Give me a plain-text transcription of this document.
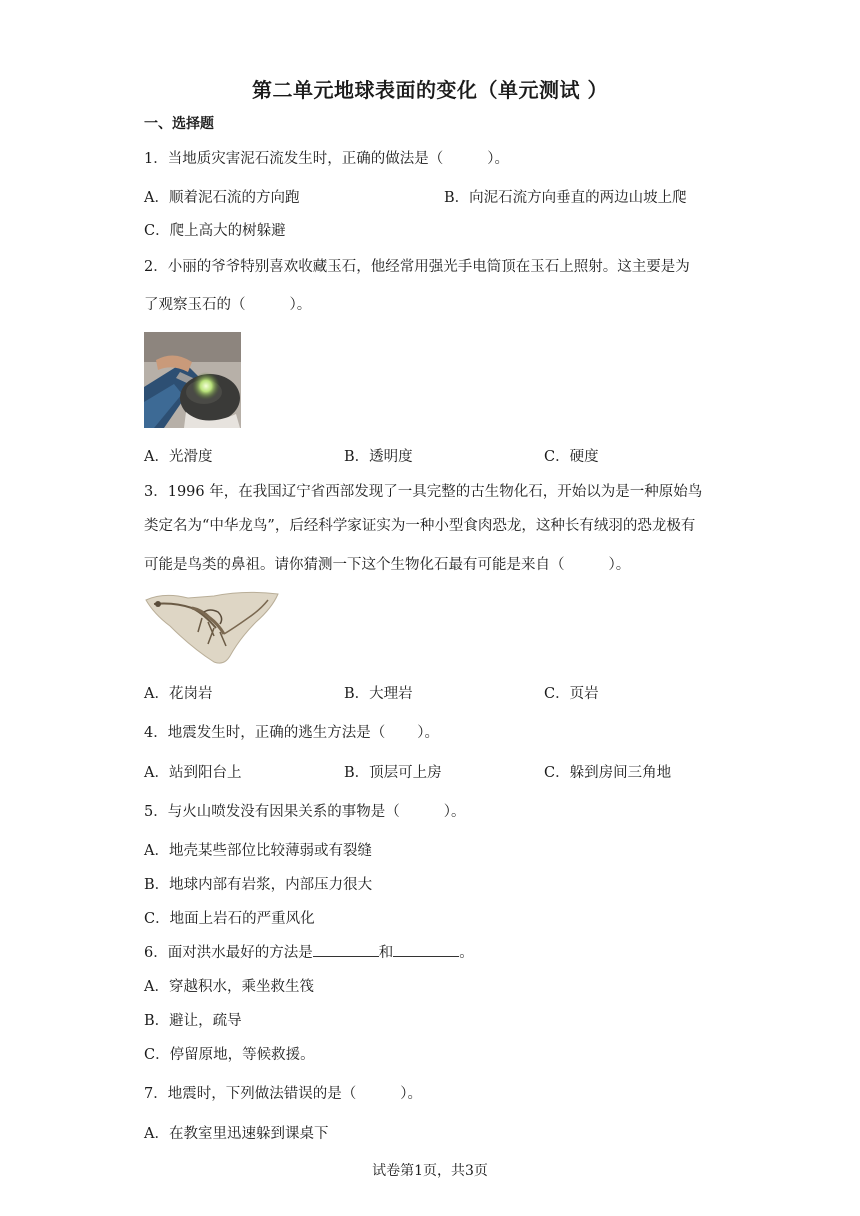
第二单元地球表面的变化（单元测试 ）
一、选择题
1．当地质灾害泥石流发生时，正确的做法是（	）。
A．顺着泥石流的方向跑	B．向泥石流方向垂直的两边山坡上爬
C．爬上高大的树躲避
2．小丽的爷爷特别喜欢收藏玉石，他经常用强光手电筒顶在玉石上照射。这主要是为
了观察玉石的（	）。
A．光滑度	B．透明度	C．硬度
3．1996 年，在我国辽宁省西部发现了一具完整的古生物化石，开始以为是一种原始鸟
类定名为“中华龙鸟”，后经科学家证实为一种小型食肉恐龙，这种长有绒羽的恐龙极有
可能是鸟类的鼻祖。请你猜测一下这个生物化石最有可能是来自（	）。
A．花岗岩	B．大理岩	C．页岩
4．地震发生时，正确的逃生方法是（ ）。
A．站到阳台上	B．顶层可上房	C．躲到房间三角地
5．与火山喷发没有因果关系的事物是（	）。
A．地壳某些部位比较薄弱或有裂缝
B．地球内部有岩浆，内部压力很大
C．地面上岩石的严重风化
6．面对洪水最好的方法是	和	。
A．穿越积水，乘坐救生筏
B．避让，疏导
C．停留原地，等候救援。
7．地震时，下列做法错误的是（	）。
A．在教室里迅速躲到课桌下
试卷第1页，共3页
